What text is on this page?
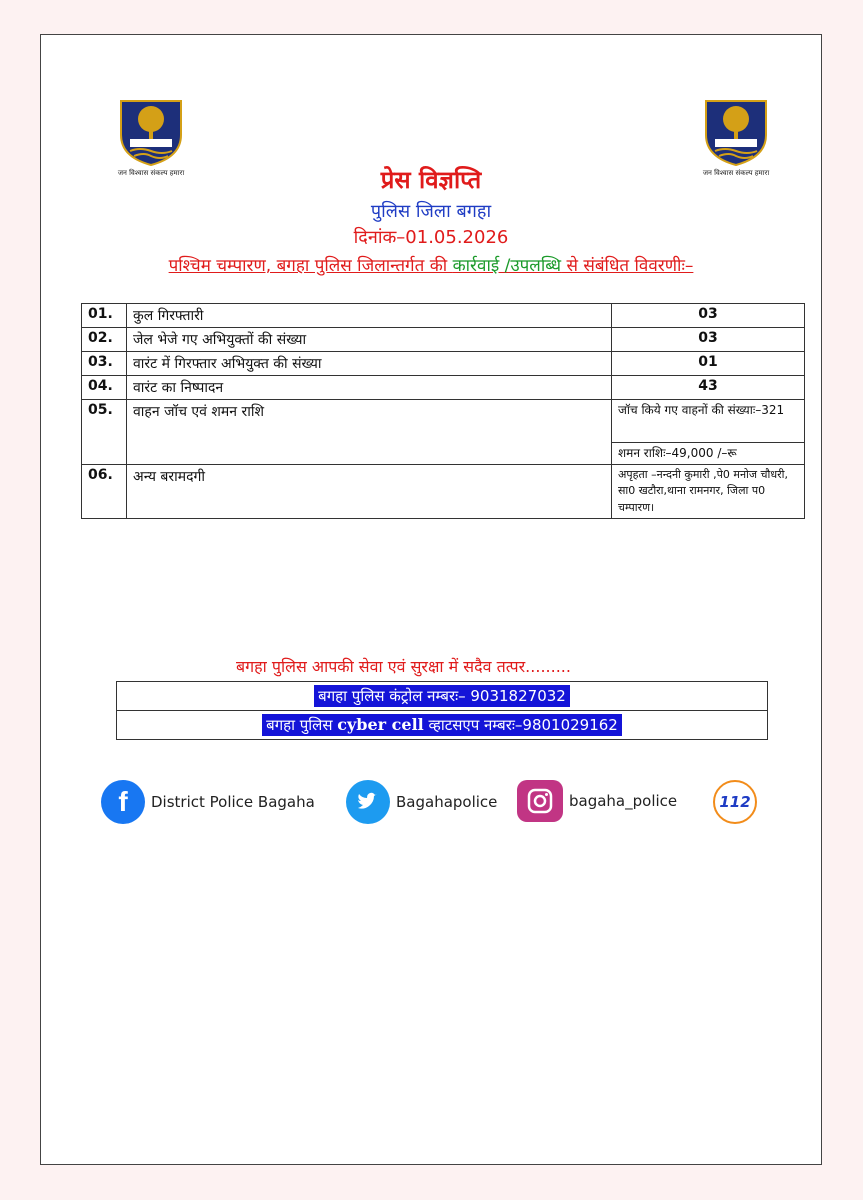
जन विश्वास संकल्प हमारा	जन विश्वास संकल्प हमारा
प्रेस विज्ञप्ति
पुलिस जिला बगहा
दिनांक–01.05.2026
पश्चिम चम्पारण, बगहा पुलिस जिलान्तर्गत की कार्रवाई /उपलब्धि से संबंधित विवरणीः–
01.	कुल गिरफ्तारी	03
02.	जेल भेजे गए अभियुक्तों की संख्या	03
03.	वारंट में गिरफ्तार अभियुक्त की संख्या	01
04.	वारंट का निष्पादन	43
05.	वाहन जॉच एवं शमन राशि	जॉच किये गए वाहनों की संख्याः–321
		शमन राशिः–49,000 /–रू
06.	अन्य बरामदगी	अपृहता –नन्दनी कुमारी ,पे0 मनोज चौधरी, सा0 खटौरा,थाना रामनगर, जिला प0 चम्पारण।
बगहा पुलिस आपकी सेवा एवं सुरक्षा में सदैव तत्पर.........
बगहा पुलिस कंट्रोल नम्बरः– 9031827032
बगहा पुलिस cyber cell व्हाटसएप नम्बरः–9801029162
f	District Police Bagaha	Bagahapolice	bagaha_police	112
